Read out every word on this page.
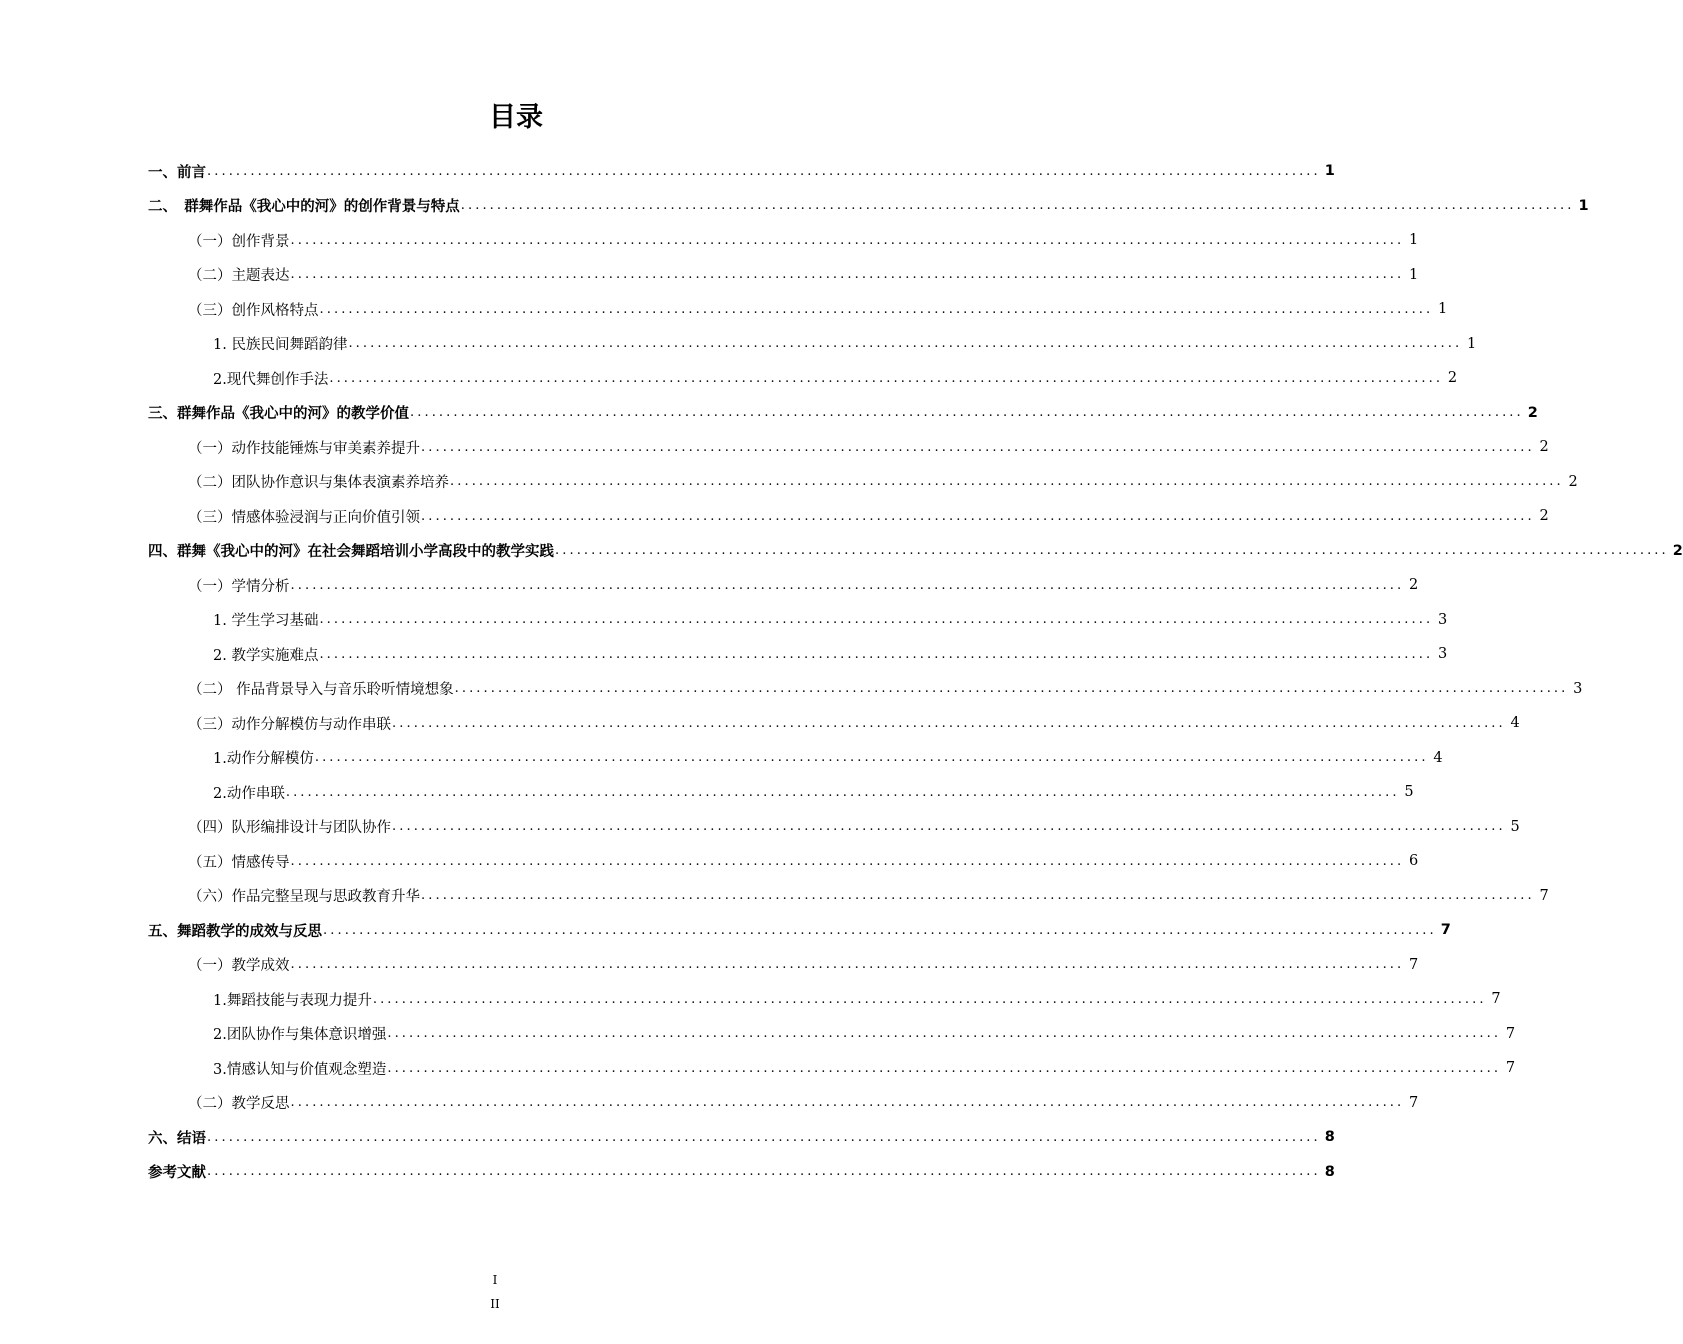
目录
一、前言 .......................................................................................................................................................... 1
二、　群舞作品《我心中的河》的创作背景与特点 .......................................................................................................................................................... 1
（一）创作背景 .......................................................................................................................................................... 1
（二）主题表达 .......................................................................................................................................................... 1
（三）创作风格特点 .......................................................................................................................................................... 1
1. 民族民间舞蹈韵律 .......................................................................................................................................................... 1
2.现代舞创作手法 .......................................................................................................................................................... 2
三、群舞作品《我心中的河》的教学价值 .......................................................................................................................................................... 2
（一）动作技能锤炼与审美素养提升 .......................................................................................................................................................... 2
（二）团队协作意识与集体表演素养培养 .......................................................................................................................................................... 2
（三）情感体验浸润与正向价值引领 .......................................................................................................................................................... 2
四、群舞《我心中的河》在社会舞蹈培训小学高段中的教学实践 .......................................................................................................................................................... 2
（一）学情分析 .......................................................................................................................................................... 2
1. 学生学习基础 .......................................................................................................................................................... 3
2. 教学实施难点 .......................................................................................................................................................... 3
（二） 作品背景导入与音乐聆听情境想象 .......................................................................................................................................................... 3
（三）动作分解模仿与动作串联 .......................................................................................................................................................... 4
1.动作分解模仿 .......................................................................................................................................................... 4
2.动作串联 .......................................................................................................................................................... 5
（四）队形编排设计与团队协作 .......................................................................................................................................................... 5
（五）情感传导 .......................................................................................................................................................... 6
（六）作品完整呈现与思政教育升华 .......................................................................................................................................................... 7
五、舞蹈教学的成效与反思 .......................................................................................................................................................... 7
（一）教学成效 .......................................................................................................................................................... 7
1.舞蹈技能与表现力提升 .......................................................................................................................................................... 7
2.团队协作与集体意识增强 .......................................................................................................................................................... 7
3.情感认知与价值观念塑造 .......................................................................................................................................................... 7
（二）教学反思 .......................................................................................................................................................... 7
六、结语 .......................................................................................................................................................... 8
参考文献 .......................................................................................................................................................... 8

I

II
